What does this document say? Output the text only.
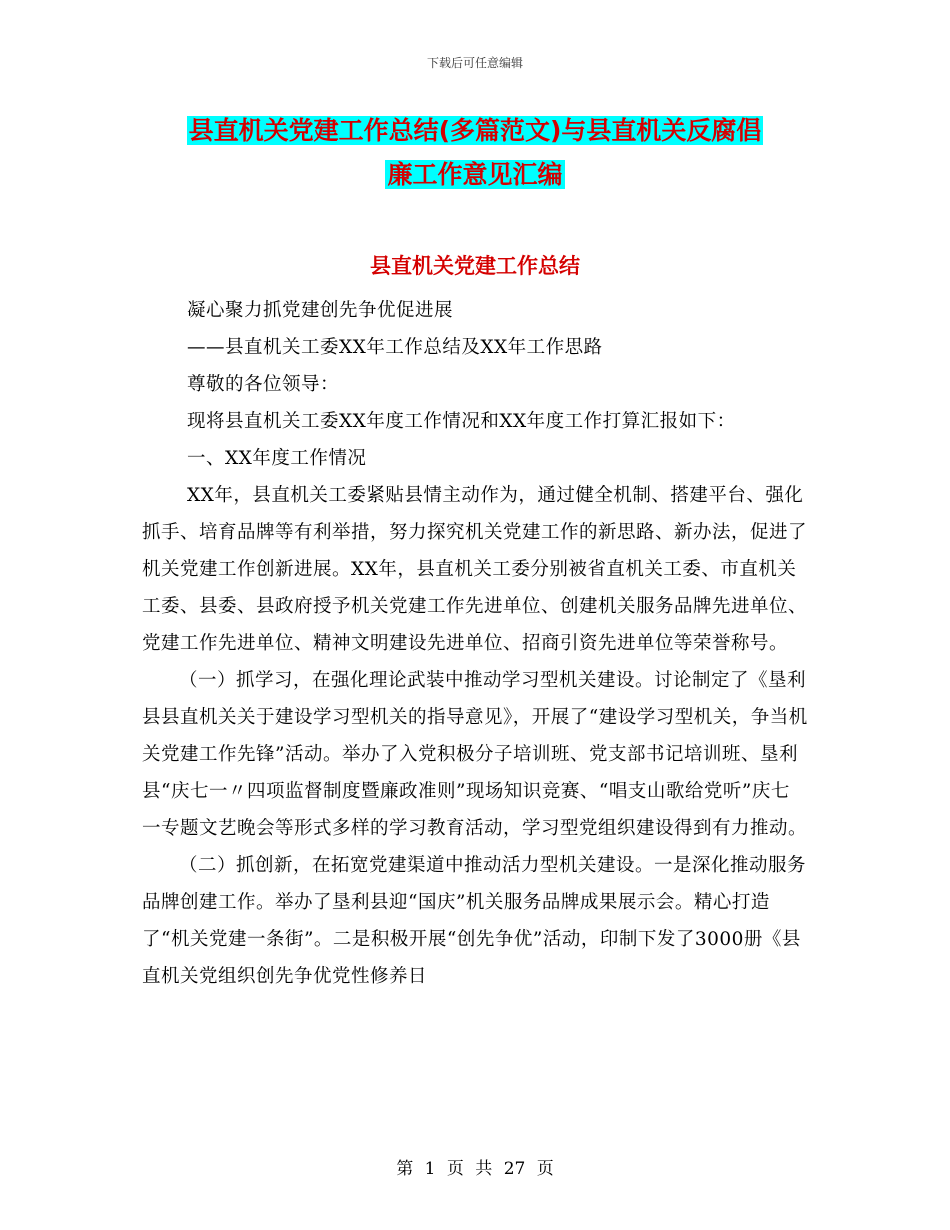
下载后可任意编辑
县直机关党建工作总结(多篇范文)与县直机关反腐倡
廉工作意见汇编
县直机关党建工作总结

凝心聚力抓党建创先争优促进展

——县直机关工委XX年工作总结及XX年工作思路

尊敬的各位领导：

现将县直机关工委XX年度工作情况和XX年度工作打算汇报如下：

一、XX年度工作情况

XX年，县直机关工委紧贴县情主动作为，通过健全机制、搭建平台、强化抓手、培育品牌等有利举措，努力探究机关党建工作的新思路、新办法，促进了机关党建工作创新进展。XX年，县直机关工委分别被省直机关工委、市直机关工委、县委、县政府授予机关党建工作先进单位、创建机关服务品牌先进单位、党建工作先进单位、精神文明建设先进单位、招商引资先进单位等荣誉称号。

（一）抓学习，在强化理论武装中推动学习型机关建设。讨论制定了《垦利县县直机关关于建设学习型机关的指导意见》，开展了“建设学习型机关，争当机关党建工作先锋”活动。举办了入党积极分子培训班、党支部书记培训班、垦利县“庆七一〃四项监督制度暨廉政准则”现场知识竞赛、“唱支山歌给党听”庆七一专题文艺晚会等形式多样的学习教育活动，学习型党组织建设得到有力推动。

（二）抓创新，在拓宽党建渠道中推动活力型机关建设。一是深化推动服务品牌创建工作。举办了垦利县迎“国庆”机关服务品牌成果展示会。精心打造了“机关党建一条街”。二是积极开展“创先争优”活动，印制下发了3000册《县直机关党组织创先争优党性修养日

第 1 页 共 27 页
